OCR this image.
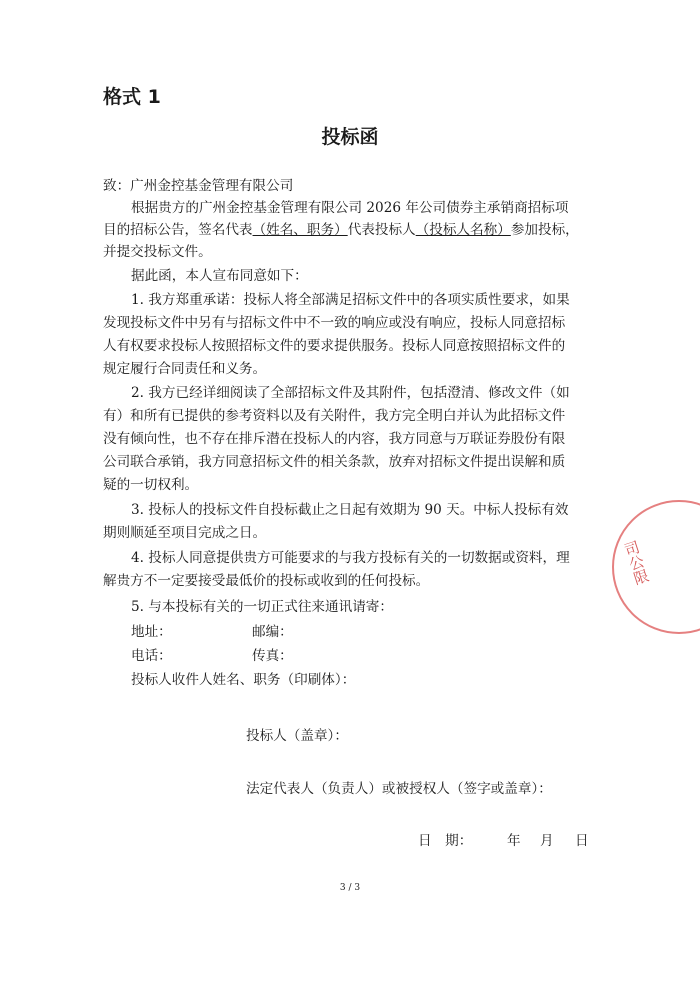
格式 1
投标函
致：广州金控基金管理有限公司
根据贵方的广州金控基金管理有限公司 2026 年公司债券主承销商招标项
目的招标公告，签名代表（姓名、职务）代表投标人（投标人名称）参加投标，
并提交投标文件。
据此函，本人宣布同意如下：
1. 我方郑重承诺：投标人将全部满足招标文件中的各项实质性要求，如果
发现投标文件中另有与招标文件中不一致的响应或没有响应，投标人同意招标
人有权要求投标人按照招标文件的要求提供服务。投标人同意按照招标文件的
规定履行合同责任和义务。
2. 我方已经详细阅读了全部招标文件及其附件，包括澄清、修改文件（如
有）和所有已提供的参考资料以及有关附件，我方完全明白并认为此招标文件
没有倾向性，也不存在排斥潜在投标人的内容，我方同意与万联证券股份有限
公司联合承销，我方同意招标文件的相关条款，放弃对招标文件提出误解和质
疑的一切权利。
3. 投标人的投标文件自投标截止之日起有效期为 90 天。中标人投标有效
期则顺延至项目完成之日。
4. 投标人同意提供贵方可能要求的与我方投标有关的一切数据或资料，理
解贵方不一定要接受最低价的投标或收到的任何投标。
5. 与本投标有关的一切正式往来通讯请寄：
地址：	邮编：
电话：	传真：
投标人收件人姓名、职务（印刷体）：
投标人（盖章）：
法定代表人（负责人）或被授权人（签字或盖章）：
日　期：	年 月 日
司公限
3 / 3
